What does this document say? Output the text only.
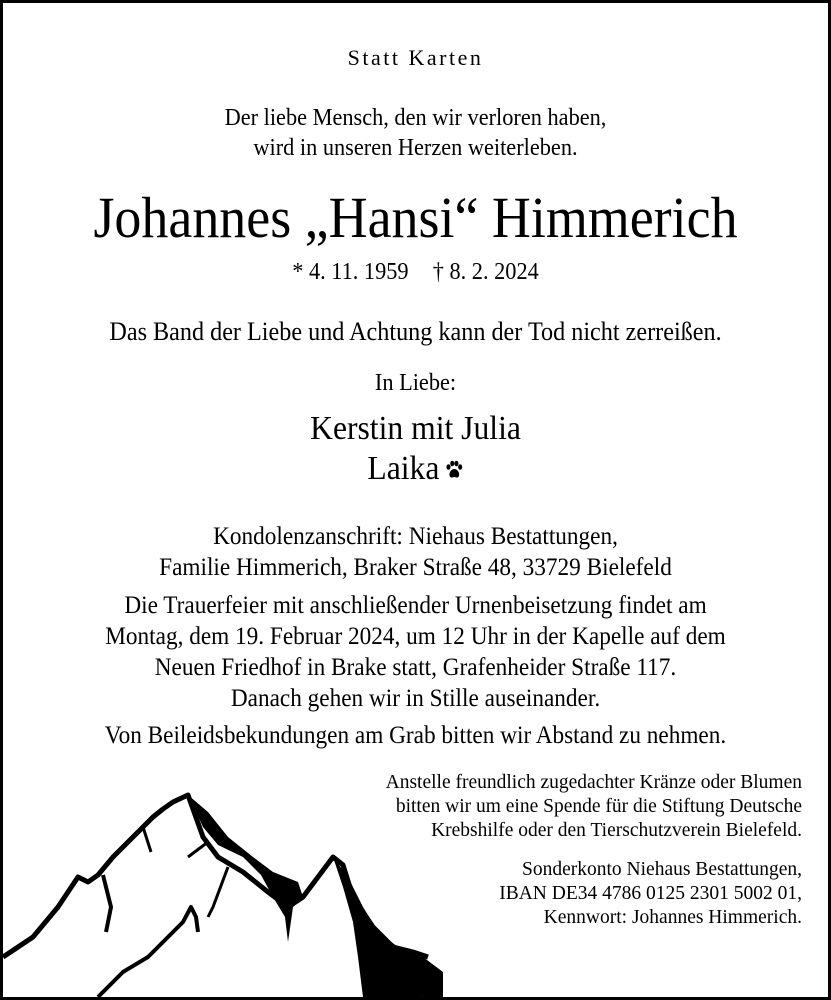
Statt Karten
Der liebe Mensch, den wir verloren haben,
wird in unseren Herzen weiterleben.
Johannes „Hansi“ Himmerich
* 4. 11. 1959 † 8. 2. 2024
Das Band der Liebe und Achtung kann der Tod nicht zerreißen.
In Liebe:
Kerstin mit Julia
Laika
Kondolenzanschrift: Niehaus Bestattungen,
Familie Himmerich, Braker Straße 48, 33729 Bielefeld
Die Trauerfeier mit anschließender Urnenbeisetzung findet am
Montag, dem 19. Februar 2024, um 12 Uhr in der Kapelle auf dem
Neuen Friedhof in Brake statt, Grafenheider Straße 117.
Danach gehen wir in Stille auseinander.
Von Beileidsbekundungen am Grab bitten wir Abstand zu nehmen.
Anstelle freundlich zugedachter Kränze oder Blumen
bitten wir um eine Spende für die Stiftung Deutsche
Krebshilfe oder den Tierschutzverein Bielefeld.
Sonderkonto Niehaus Bestattungen,
IBAN DE34 4786 0125 2301 5002 01,
Kennwort: Johannes Himmerich.
